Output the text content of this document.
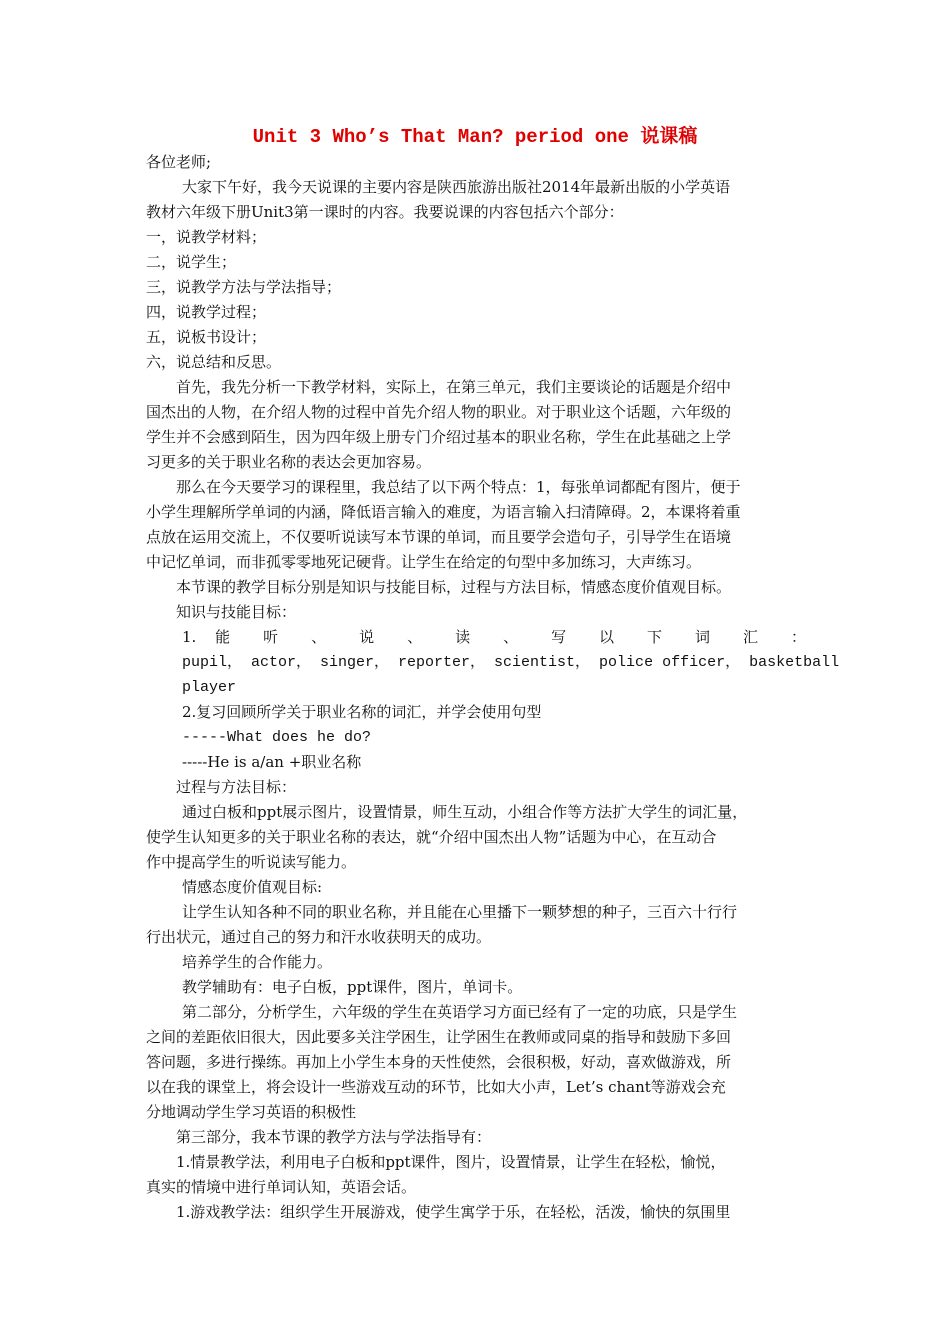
Unit 3 Who’s That Man? period one 说课稿
各位老师;
大家下午好，我今天说课的主要内容是陕西旅游出版社2014年最新出版的小学英语
教材六年级下册Unit3第一课时的内容。我要说课的内容包括六个部分：
一，说教学材料；
二，说学生；
三，说教学方法与学法指导；
四，说教学过程；
五，说板书设计；
六，说总结和反思。
首先，我先分析一下教学材料，实际上，在第三单元，我们主要谈论的话题是介绍中
国杰出的人物，在介绍人物的过程中首先介绍人物的职业。对于职业这个话题，六年级的
学生并不会感到陌生，因为四年级上册专门介绍过基本的职业名称，学生在此基础之上学
习更多的关于职业名称的表达会更加容易。
那么在今天要学习的课程里，我总结了以下两个特点：1，每张单词都配有图片，便于
小学生理解所学单词的内涵，降低语言输入的难度，为语言输入扫清障碍。2，本课将着重
点放在运用交流上，不仅要听说读写本节课的单词，而且要学会造句子，引导学生在语境
中记忆单词，而非孤零零地死记硬背。让学生在给定的句型中多加练习，大声练习。
本节课的教学目标分别是知识与技能目标，过程与方法目标，情感态度价值观目标。
知识与技能目标：
1. 能 听 、 说 、 读 、 写 以 下 词 汇 ：
pupil， actor， singer， reporter， scientist， police officer， basketball
player
2.复习回顾所学关于职业名称的词汇，并学会使用句型
-----What does he do?
-----He is a/an +职业名称
过程与方法目标：
通过白板和ppt展示图片，设置情景，师生互动，小组合作等方法扩大学生的词汇量，
使学生认知更多的关于职业名称的表达，就“介绍中国杰出人物”话题为中心，在互动合
作中提高学生的听说读写能力。
情感态度价值观目标:
让学生认知各种不同的职业名称，并且能在心里播下一颗梦想的种子，三百六十行行
行出状元，通过自己的努力和汗水收获明天的成功。
培养学生的合作能力。
教学辅助有：电子白板，ppt课件，图片，单词卡。
第二部分，分析学生，六年级的学生在英语学习方面已经有了一定的功底，只是学生
之间的差距依旧很大，因此要多关注学困生，让学困生在教师或同桌的指导和鼓励下多回
答问题，多进行操练。再加上小学生本身的天性使然，会很积极，好动，喜欢做游戏，所
以在我的课堂上，将会设计一些游戏互动的环节，比如大小声，Let’s chant等游戏会充
分地调动学生学习英语的积极性
第三部分，我本节课的教学方法与学法指导有：
1.情景教学法，利用电子白板和ppt课件，图片，设置情景，让学生在轻松，愉悦，
真实的情境中进行单词认知，英语会话。
1.游戏教学法：组织学生开展游戏，使学生寓学于乐，在轻松，活泼，愉快的氛围里
